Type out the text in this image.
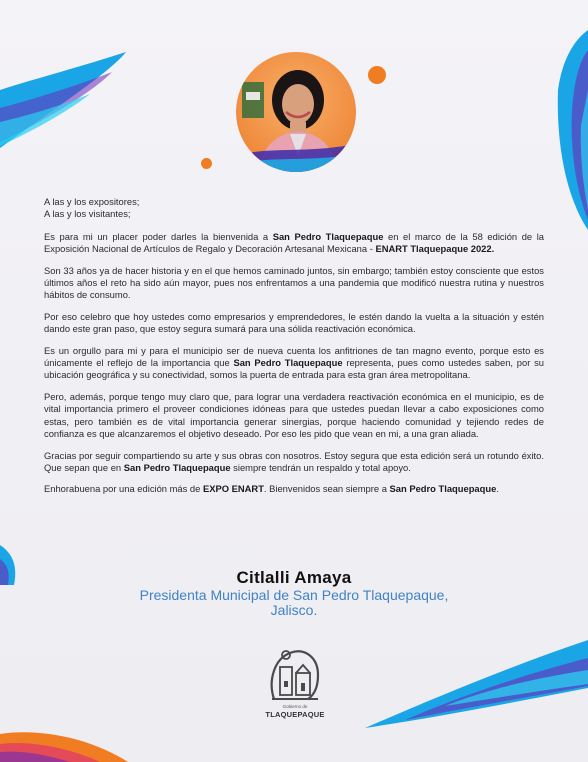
A las y los expositores;

A las y los visitantes;

Es para mi un placer poder darles la bienvenida a San Pedro Tlaquepaque en el marco de la 58 edición de la Exposición Nacional de Artículos de Regalo y Decoración Artesanal Mexicana - ENART Tlaquepaque 2022.

Son 33 años ya de hacer historia y en el que hemos caminado juntos, sin embargo; también estoy consciente que estos últimos años el reto ha sido aún mayor, pues nos enfrentamos a una pandemia que modificó nuestra rutina y nuestros hábitos de consumo.

Por eso celebro que hoy ustedes como empresarios y emprendedores, le estén dando la vuelta a la situación y estén dando este gran paso, que estoy segura sumará para una sólida reactivación económica.

Es un orgullo para mi y para el municipio ser de nueva cuenta los anfitriones de tan magno evento, porque esto es únicamente el reflejo de la importancia que San Pedro Tlaquepaque representa, pues como ustedes saben, por su ubicación geográfica y su conectividad, somos la puerta de entrada para esta gran área metropolitana.

Pero, además, porque tengo muy claro que, para lograr una verdadera reactivación económica en el municipio, es de vital importancia primero el proveer condiciones idóneas para que ustedes puedan llevar a cabo exposiciones como estas, pero también es de vital importancia generar sinergias, porque haciendo comunidad y tejiendo redes de confianza es que alcanzaremos el objetivo deseado. Por eso les pido que vean en mi, a una gran aliada.

Gracias por seguir compartiendo su arte y sus obras con nosotros. Estoy segura que esta edición será un rotundo éxito. Que sepan que en San Pedro Tlaquepaque siempre tendrán un respaldo y total apoyo.

Enhorabuena por una edición más de EXPO ENART. Bienvenidos sean siempre a San Pedro Tlaquepaque.

Citlalli Amaya
Presidenta Municipal de San Pedro Tlaquepaque,
Jalisco.
Gobierno de
TLAQUEPAQUE
